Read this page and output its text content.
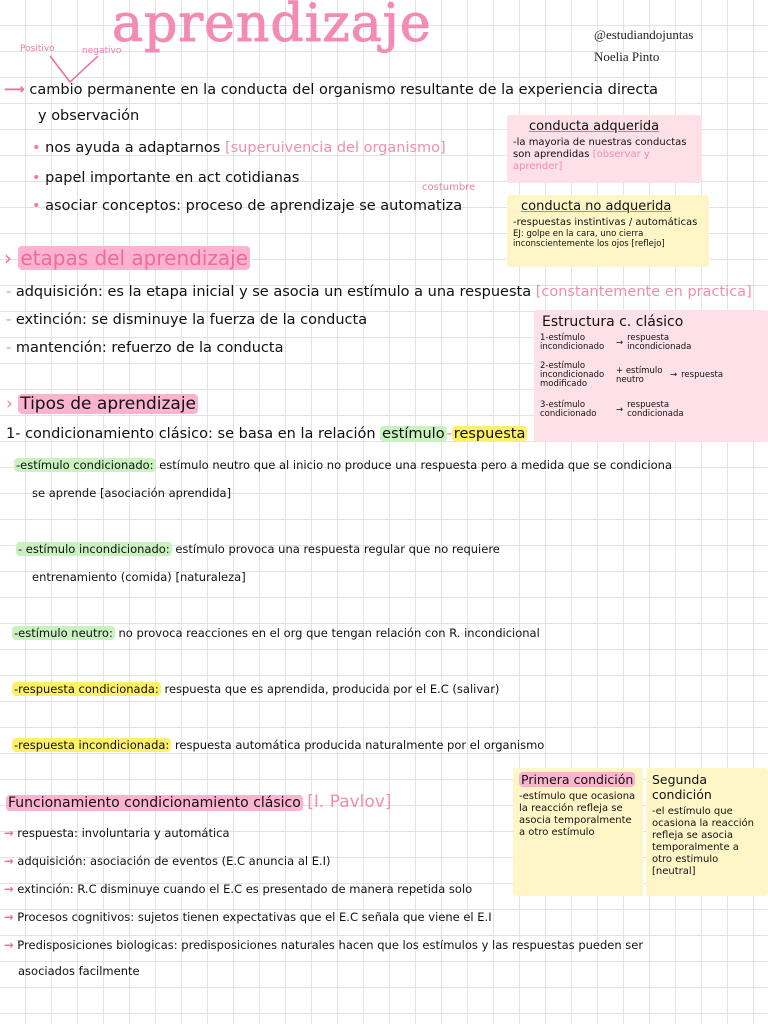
aprendizaje	@estudiandojuntas
Noelia Pinto
Positivo	negativo
⟶ cambio permanente en la conducta del organismo resultante de la experiencia directa
y observación
• nos ayuda a adaptarnos [superuivencia del organismo]
• papel importante en act cotidianas
costumbre
• asociar conceptos: proceso de aprendizaje se automatiza
conducta adquerida
-la mayoria de nuestras conductas son aprendidas [observar y aprender]
conducta no adquerida
-respuestas instintivas / automáticas
EJ: golpe en la cara, uno cierra inconscientemente los ojos [reflejo]
› etapas del aprendizaje
- adquisición: es la etapa inicial y se asocia un estímulo a una respuesta [constantemente en practica]
- extinción: se disminuye la fuerza de la conducta
- mantención: refuerzo de la conducta
Estructura c. clásico
1-estímulo incondicionado	→ respuesta incondicionada
2-estímulo incondicionado modificado
+ estímulo neutro	→ respuesta
3-estímulo condicionado	→ respuesta condicionada
› Tipos de aprendizaje
1- condicionamiento clásico: se basa en la relación estímulo - respuesta
-estímulo condicionado: estímulo neutro que al inicio no produce una respuesta pero a medida que se condiciona
se aprende [asociación aprendida]
- estímulo incondicionado: estímulo provoca una respuesta regular que no requiere
entrenamiento (comida) [naturaleza]
-estímulo neutro: no provoca reacciones en el org que tengan relación con R. incondicional
-respuesta condicionada: respuesta que es aprendida, producida por el E.C (salivar)
-respuesta incondicionada: respuesta automática producida naturalmente por el organismo
Funcionamiento condicionamiento clásico [I. Pavlov]
→ respuesta: involuntaria y automática
→ adquisición: asociación de eventos (E.C anuncia al E.I)
→ extinción: R.C disminuye cuando el E.C es presentado de manera repetida solo
→ Procesos cognitivos: sujetos tienen expectativas que el E.C señala que viene el E.I
→ Predisposiciones biologicas: predisposiciones naturales hacen que los estímulos y las respuestas pueden ser
asociados facilmente
Primera condición
-estímulo que ocasiona la reacción refleja se asocia temporalmente a otro estímulo
Segunda condición
-el estímulo que ocasiona la reacción refleja se asocia temporalmente a otro estimulo [neutral]
